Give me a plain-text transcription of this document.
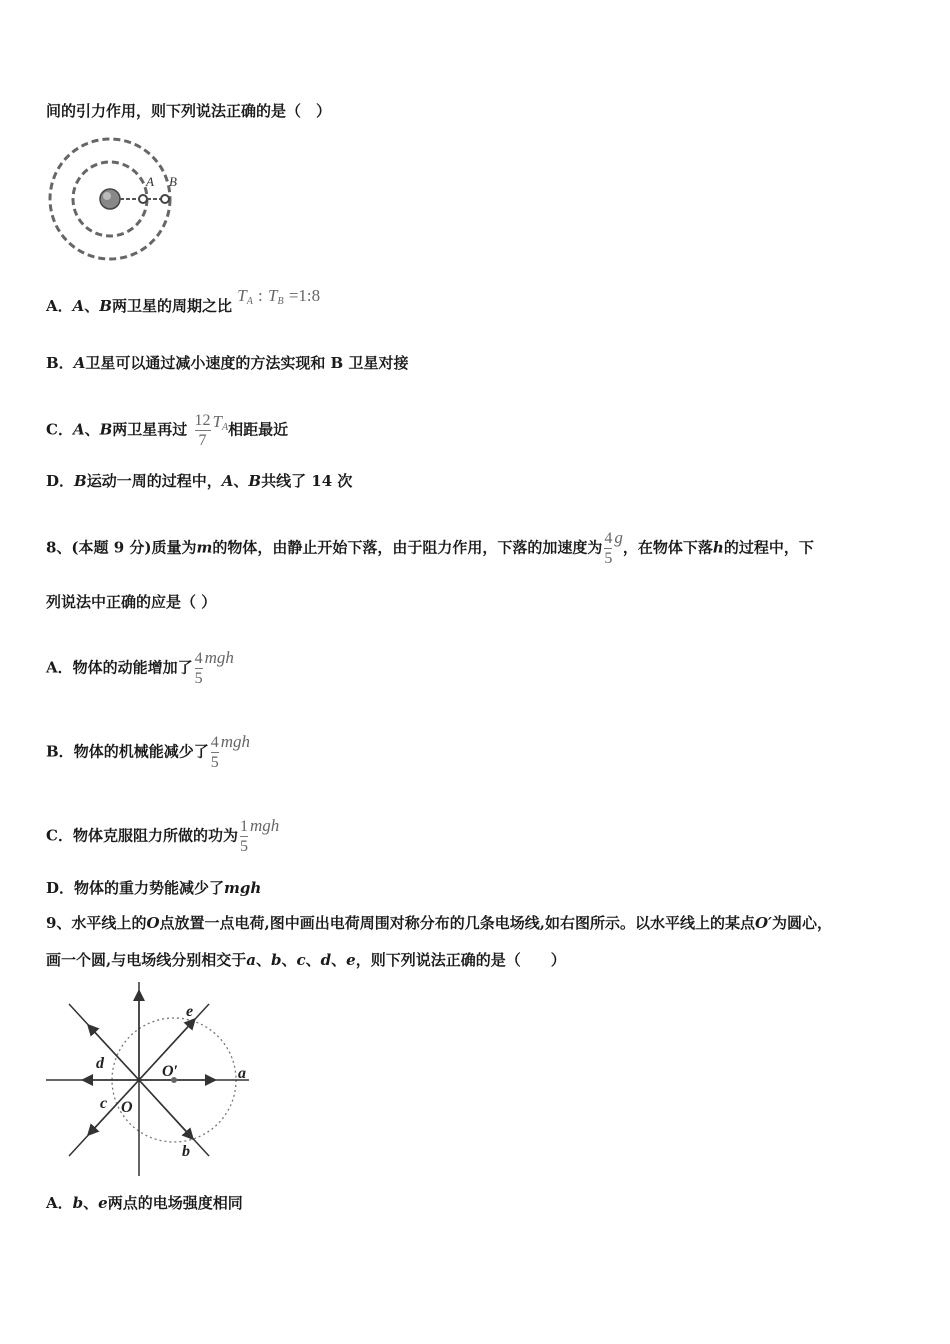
间的引力作用，则下列说法正确的是（　）
A B
A．A、B两卫星的周期之比 $T_A$ : $T_B$ =1:8
B．A卫星可以通过减小速度的方法实现和 B 卫星对接
C．A、B两卫星再过 $\frac{12}{7} T^A$相距最近
D．B运动一周的过程中，A、B共线了 14 次
8、(本题 9 分)质量为m的物体，由静止开始下落，由于阻力作用，下落的加速度为 $\frac{4}{5}$ g，在物体下落h的过程中，下
列说法中正确的应是（ ）
A．物体的动能增加了 $\frac{4}{5}$ mgh
B．物体的机械能减少了 $\frac{4}{5}$ mgh
C．物体克服阻力所做的功为 $\frac{1}{5}$ mgh
D．物体的重力势能减少了mgh
9、水平线上的O点放置一点电荷,图中画出电荷周围对称分布的几条电场线,如右图所示。以水平线上的某点O′为圆心，
画一个圆,与电场线分别相交于a、b、c、d、e，则下列说法正确的是（　　）
e
d	O′	a
c O
b
A．b、e两点的电场强度相同
